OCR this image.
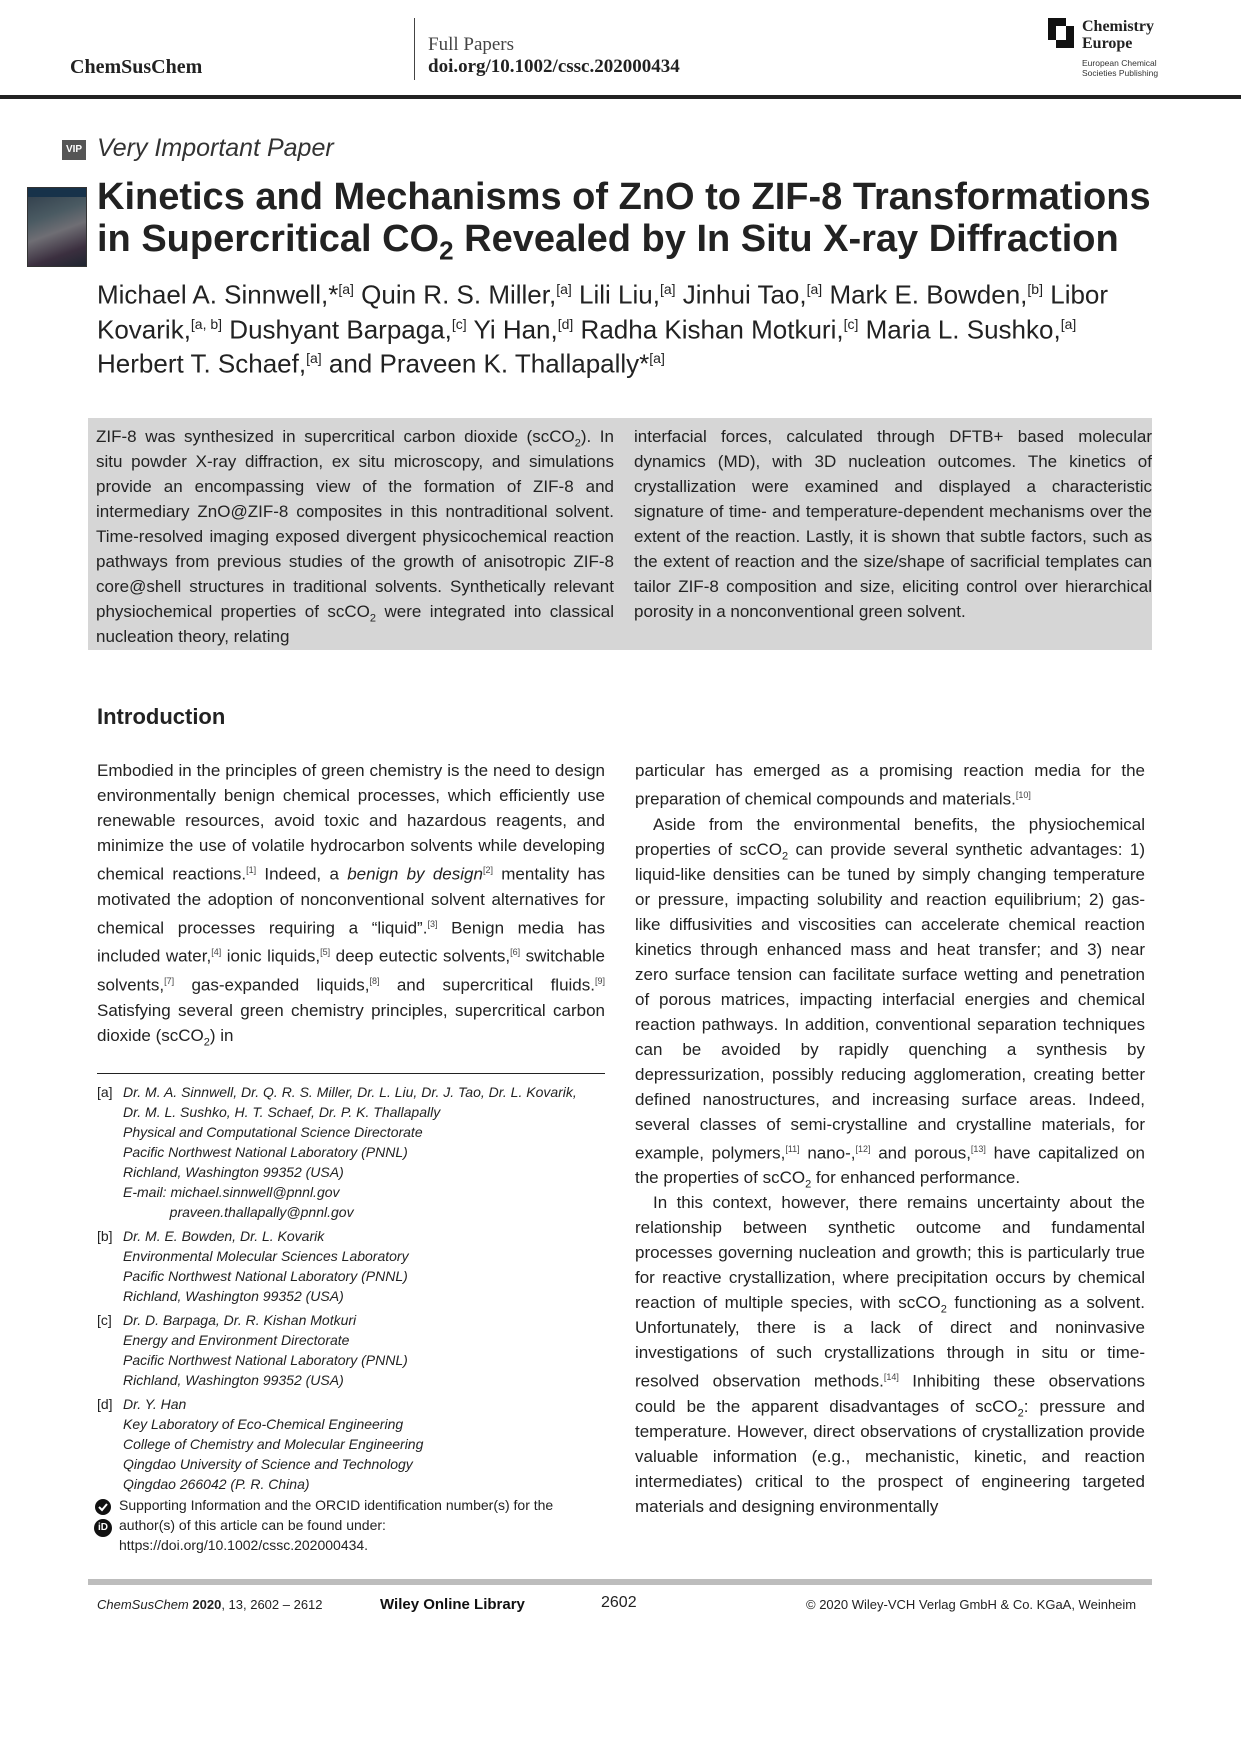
ChemSusChem
Full Papers
doi.org/10.1002/cssc.202000434
Chemistry
Europe
European Chemical
Societies Publishing
VIP Very Important Paper
Kinetics and Mechanisms of ZnO to ZIF-8 Transformations in Supercritical $CO_2$ Revealed by In Situ X-ray Diffraction
Michael A. Sinnwell,*[a] Quin R. S. Miller,[a] Lili Liu,[a] Jinhui Tao,[a] Mark E. Bowden,[b] Libor Kovarik,[a, b] Dushyant Barpaga,[c] Yi Han,[d] Radha Kishan Motkuri,[c] Maria L. Sushko,[a] Herbert T. Schaef,[a] and Praveen K. Thallapally*[a]
ZIF-8 was synthesized in supercritical carbon dioxide (scCO$_2$). In situ powder X-ray diffraction, ex situ microscopy, and simulations provide an encompassing view of the formation of ZIF-8 and intermediary ZnO@ZIF-8 composites in this nontraditional solvent. Time-resolved imaging exposed divergent physicochemical reaction pathways from previous studies of the growth of anisotropic ZIF-8 core@shell structures in traditional solvents. Synthetically relevant physiochemical properties of scCO$_2$ were integrated into classical nucleation theory, relating
interfacial forces, calculated through DFTB+ based molecular dynamics (MD), with 3D nucleation outcomes. The kinetics of crystallization were examined and displayed a characteristic signature of time- and temperature-dependent mechanisms over the extent of the reaction. Lastly, it is shown that subtle factors, such as the extent of reaction and the size/shape of sacrificial templates can tailor ZIF-8 composition and size, eliciting control over hierarchical porosity in a nonconventional green solvent.
Introduction

Embodied in the principles of green chemistry is the need to design environmentally benign chemical processes, which efficiently use renewable resources, avoid toxic and hazardous reagents, and minimize the use of volatile hydrocarbon solvents while developing chemical reactions.[1] Indeed, a benign by design[2] mentality has motivated the adoption of nonconventional solvent alternatives for chemical processes requiring a “liquid”.[3] Benign media has included water,[4] ionic liquids,[5] deep eutectic solvents,[6] switchable solvents,[7] gas-expanded liquids,[8] and supercritical fluids.[9] Satisfying several green chemistry principles, supercritical carbon dioxide (scCO$_2$) in

particular has emerged as a promising reaction media for the preparation of chemical compounds and materials.[10]

Aside from the environmental benefits, the physiochemical properties of scCO$_2$ can provide several synthetic advantages: 1) liquid-like densities can be tuned by simply changing temperature or pressure, impacting solubility and reaction equilibrium; 2) gas-like diffusivities and viscosities can accelerate chemical reaction kinetics through enhanced mass and heat transfer; and 3) near zero surface tension can facilitate surface wetting and penetration of porous matrices, impacting interfacial energies and chemical reaction pathways. In addition, conventional separation techniques can be avoided by rapidly quenching a synthesis by depressurization, possibly reducing agglomeration, creating better defined nanostructures, and increasing surface areas. Indeed, several classes of semi-crystalline and crystalline materials, for example, polymers,[11] nano-,[12] and porous,[13] have capitalized on the properties of scCO$_2$ for enhanced performance.

In this context, however, there remains uncertainty about the relationship between synthetic outcome and fundamental processes governing nucleation and growth; this is particularly true for reactive crystallization, where precipitation occurs by chemical reaction of multiple species, with scCO$_2$ functioning as a solvent. Unfortunately, there is a lack of direct and noninvasive investigations of such crystallizations through in situ or time-resolved observation methods.[14] Inhibiting these observations could be the apparent disadvantages of scCO$_2$: pressure and temperature. However, direct observations of crystallization provide valuable information (e.g., mechanistic, kinetic, and reaction intermediates) critical to the prospect of engineering targeted materials and designing environmentally

[a] Dr. M. A. Sinnwell, Dr. Q. R. S. Miller, Dr. L. Liu, Dr. J. Tao, Dr. L. Kovarik,
Dr. M. L. Sushko, H. T. Schaef, Dr. P. K. Thallapally
Physical and Computational Science Directorate
Pacific Northwest National Laboratory (PNNL)
Richland, Washington 99352 (USA)
E-mail: michael.sinnwell@pnnl.gov
praveen.thallapally@pnnl.gov
[b] Dr. M. E. Bowden, Dr. L. Kovarik
Environmental Molecular Sciences Laboratory
Pacific Northwest National Laboratory (PNNL)
Richland, Washington 99352 (USA)
[c] Dr. D. Barpaga, Dr. R. Kishan Motkuri
Energy and Environment Directorate
Pacific Northwest National Laboratory (PNNL)
Richland, Washington 99352 (USA)
[d] Dr. Y. Han
Key Laboratory of Eco-Chemical Engineering
College of Chemistry and Molecular Engineering
Qingdao University of Science and Technology
Qingdao 266042 (P. R. China)
iD
Supporting Information and the ORCID identification number(s) for the author(s) of this article can be found under: https://doi.org/10.1002/cssc.202000434.
ChemSusChem 2020, 13, 2602 – 2612	Wiley Online Library	2602	© 2020 Wiley-VCH Verlag GmbH & Co. KGaA, Weinheim
